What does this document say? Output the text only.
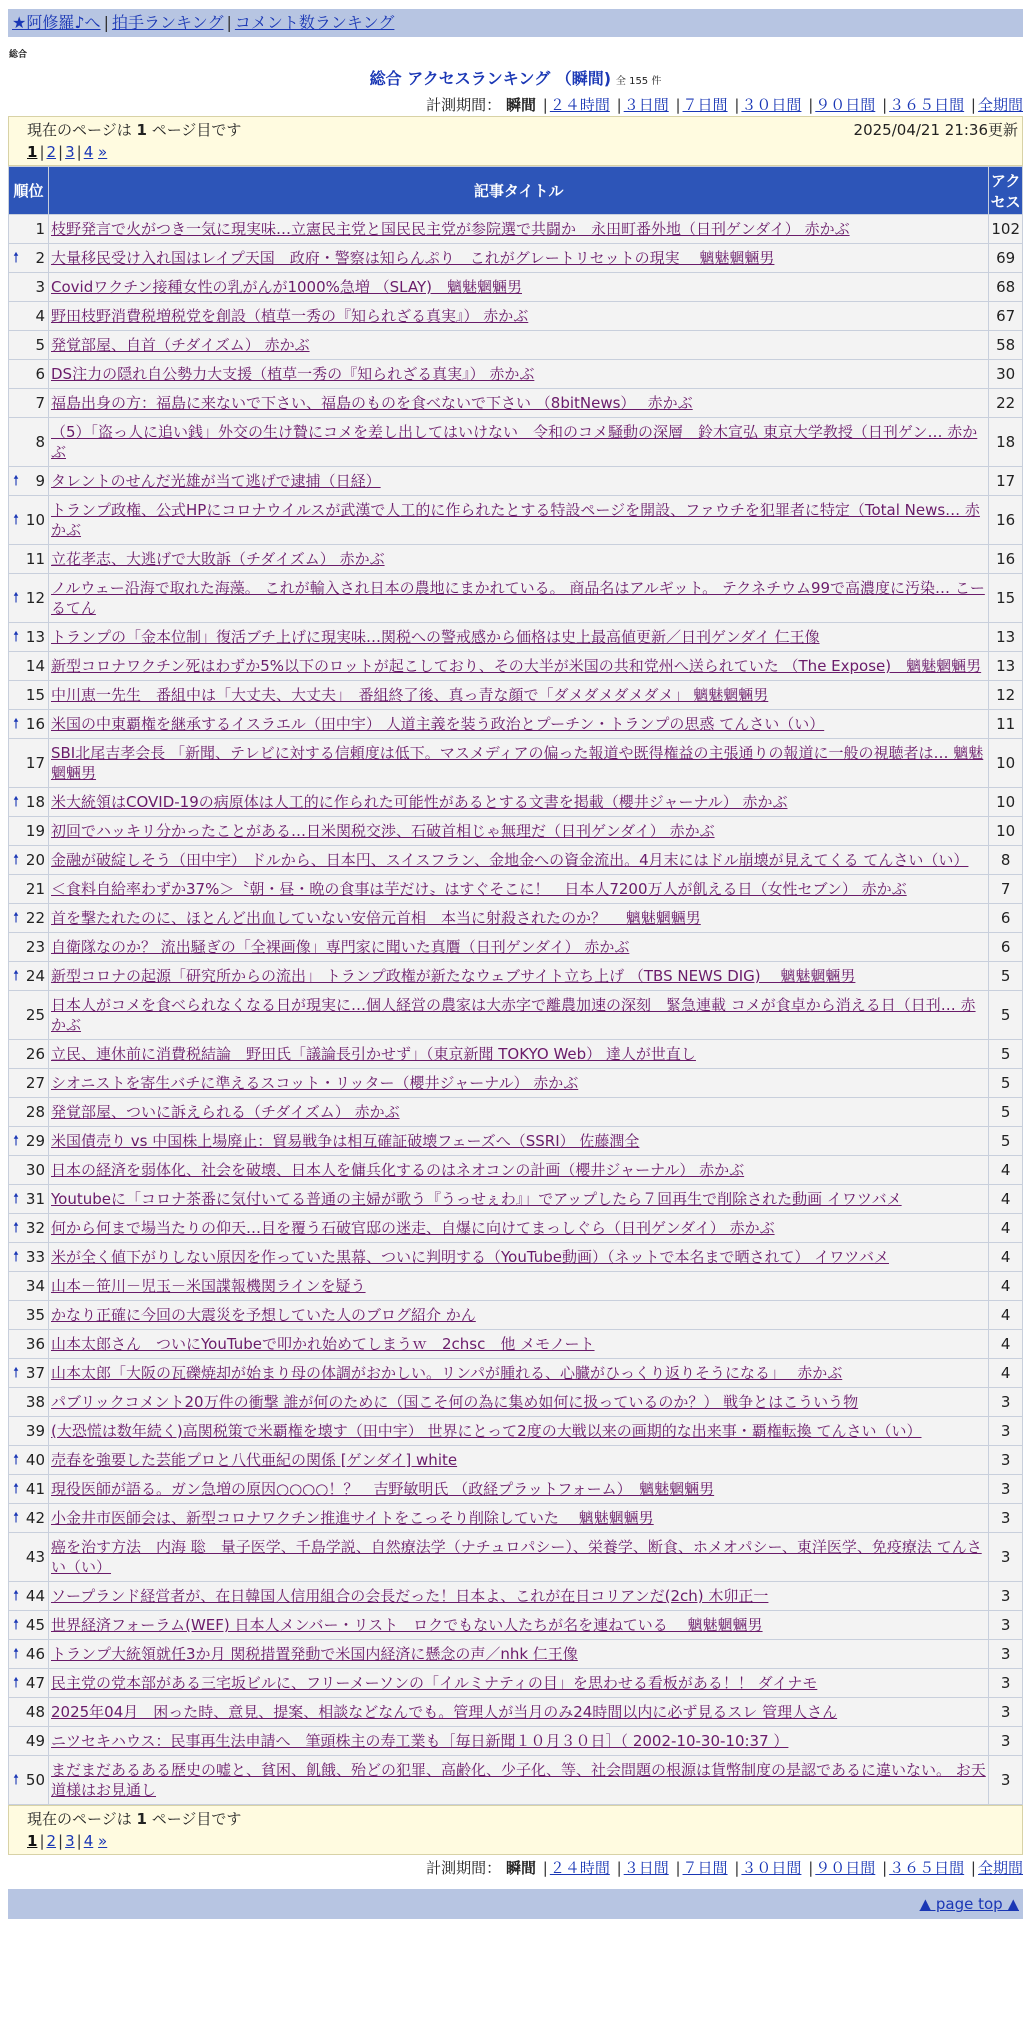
★阿修羅♪へ | 拍手ランキング | コメント数ランキング
総合
総合 アクセスランキング （瞬間) 全 155 件
計測期間： 瞬間 | ２４時間 | ３日間 | ７日間 | ３０日間 | ９０日間 | ３６５日間 | 全期間
現在のページは 1 ページ目です	2025/04/21 21:36更新
1 | 2 | 3 | 4 »
順位	記事タイトル	アクセス
1	枝野発言で火がつき一気に現実味…立憲民主党と国民民主党が参院選で共闘か　永田町番外地（日刊ゲンダイ） 赤かぶ	102

🠕 2	大量移民受け入れ国はレイプ天国　政府・警察は知らんぷり　これがグレートリセットの現実　 魑魅魍魎男	69
3	Covidワクチン接種女性の乳がんが1000%急増 （SLAY)　魑魅魍魎男	68
4	野田枝野消費税増税党を創設（植草一秀の『知られざる真実』） 赤かぶ	67
5	発覚部屋、自首（チダイズム） 赤かぶ	58
6	DS注力の隠れ自公勢力大支援（植草一秀の『知られざる真実』） 赤かぶ	30
7	福島出身の方：福島に来ないで下さい、福島のものを食べないで下さい （8bitNews）　 赤かぶ	22
8	（5）「盗っ人に追い銭」外交の生け贄にコメを差し出してはいけない　令和のコメ騒動の深層　鈴木宣弘 東京大学教授（日刊ゲン… 赤かぶ	18

🠕 9	タレントのせんだ光雄が当て逃げで逮捕（日経）	17

🠕 10	トランプ政権、公式HPにコロナウイルスが武漢で人工的に作られたとする特設ページを開設、ファウチを犯罪者に特定（Total News… 赤かぶ	16
11	立花孝志、大逃げで大敗訴（チダイズム） 赤かぶ	16

🠕 12	ノルウェー沿海で取れた海藻。 これが輸入され日本の農地にまかれている。 商品名はアルギット。 テクネチウム99で高濃度に汚染… こーるてん	15

🠕 13	トランプの「金本位制」復活ブチ上げに現実味…関税への警戒感から価格は史上最高値更新／日刊ゲンダイ 仁王像	13
14	新型コロナワクチン死はわずか5%以下のロットが起こしており、その大半が米国の共和党州へ送られていた （The Expose)　魑魅魍魎男	13
15	中川恵一先生　番組中は「大丈夫、大丈夫」　番組終了後、真っ青な顔で「ダメダメダメダメ」 魑魅魍魎男	12

🠕 16	米国の中東覇権を継承するイスラエル（田中宇） 人道主義を装う政治とプーチン・トランプの思惑 てんさい（い）	11
17	SBI北尾吉孝会長 「新聞、テレビに対する信頼度は低下。マスメディアの偏った報道や既得権益の主張通りの報道に一般の視聴者は… 魑魅魍魎男	10

🠕 18	米大統領はCOVID-19の病原体は人工的に作られた可能性があるとする文書を掲載（櫻井ジャーナル） 赤かぶ	10
19	初回でハッキリ分かったことがある…日米関税交渉、石破首相じゃ無理だ（日刊ゲンダイ） 赤かぶ	10

🠕 20	金融が破綻しそう（田中宇） ドルから、日本円、スイスフラン、金地金への資金流出。4月末にはドル崩壊が見えてくる てんさい（い）	8
21	＜食料自給率わずか37%＞〝朝・昼・晩の食事は芋だけ〟はすぐそこに！　日本人7200万人が飢える日（女性セブン） 赤かぶ	7

🠕 22	首を撃たれたのに、ほとんど出血していない安倍元首相　本当に射殺されたのか？　 魑魅魍魎男	6
23	自衛隊なのか？ 流出騒ぎの「全裸画像」専門家に聞いた真贋（日刊ゲンダイ） 赤かぶ	6

🠕 24	新型コロナの起源「研究所からの流出」 トランプ政権が新たなウェブサイト立ち上げ （TBS NEWS DIG)　 魑魅魍魎男	5
25	日本人がコメを食べられなくなる日が現実に…個人経営の農家は大赤字で離農加速の深刻　緊急連載 コメが食卓から消える日（日刊… 赤かぶ	5
26	立民、連休前に消費税結論　野田氏「議論長引かせず」（東京新聞 TOKYO Web） 達人が世直し	5
27	シオニストを寄生バチに準えるスコット・リッター（櫻井ジャーナル） 赤かぶ	5
28	発覚部屋、ついに訴えられる（チダイズム） 赤かぶ	5

🠕 29	米国債売り vs 中国株上場廃止：貿易戦争は相互確証破壊フェーズへ（SSRI） 佐藤潤全	5
30	日本の経済を弱体化、社会を破壊、日本人を傭兵化するのはネオコンの計画（櫻井ジャーナル） 赤かぶ	4

🠕 31	Youtubeに「コロナ茶番に気付いてる普通の主婦が歌う『うっせぇわ』」でアップしたら７回再生で削除された動画 イワツバメ	4

🠕 32	何から何まで場当たりの仰天…目を覆う石破官邸の迷走、自爆に向けてまっしぐら（日刊ゲンダイ） 赤かぶ	4

🠕 33	米が全く値下がりしない原因を作っていた黒幕、ついに判明する（YouTube動画）（ネットで本名まで晒されて） イワツバメ	4
34	山本－笹川－児玉－米国諜報機関ラインを疑う	4
35	かなり正確に今回の大震災を予想していた人のブログ紹介 かん	4
36	山本太郎さん　ついにYouTubeで叩かれ始めてしまうｗ　2chsc　他 メモノート	4

🠕 37	山本太郎「大阪の瓦礫焼却が始まり母の体調がおかしい。リンパが腫れる、心臓がひっくり返りそうになる」　 赤かぶ	4
38	パブリックコメント20万件の衝撃 誰が何のために（国こそ何の為に集め如何に扱っているのか？） 戦争とはこういう物	3
39	(大恐慌は数年続く)高関税策で米覇権を壊す（田中宇） 世界にとって2度の大戦以来の画期的な出来事・覇権転換 てんさい（い）	3

🠕 40	売春を強要した芸能プロと八代亜紀の関係 [ゲンダイ] white	3

🠕 41	現役医師が語る。ガン急増の原因○○○○！？　吉野敏明氏 （政経プラットフォーム）　魑魅魍魎男	3

🠕 42	小金井市医師会は、新型コロナワクチン推進サイトをこっそり削除していた　 魑魅魍魎男	3
43	癌を治す方法　内海 聡　量子医学、千島学説、自然療法学（ナチュロパシー）、栄養学、断食、ホメオパシー、東洋医学、免疫療法 てんさい（い）	3

🠕 44	ソープランド経営者が、在日韓国人信用組合の会長だった！日本よ、これが在日コリアンだ(2ch) 木卯正一	3

🠕 45	世界経済フォーラム(WEF) 日本人メンバー・リスト　ロクでもない人たちが名を連ねている　 魑魅魍魎男	3

🠕 46	トランプ大統領就任3か月 関税措置発動で米国内経済に懸念の声／nhk 仁王像	3

🠕 47	民主党の党本部がある三宅坂ビルに、フリーメーソンの「イルミナティの目」を思わせる看板がある！！ ダイナモ	3
48	2025年04月　困った時、意見、提案、相談などなんでも。管理人が当月のみ24時間以内に必ず見るスレ 管理人さん	3
49	ニツセキハウス：民事再生法申請へ　筆頭株主の寿工業も［毎日新聞１０月３０日］（ 2002-10-30-10:37 ）	3

🠕 50	まだまだあるある歴史の嘘と、貧困、飢餓、殆どの犯罪、高齢化、少子化、等、社会問題の根源は貨幣制度の是認であるに違いない。 お天道様はお見通し	3
現在のページは 1 ページ目です
1 | 2 | 3 | 4 »
計測期間： 瞬間 | ２４時間 | ３日間 | ７日間 | ３０日間 | ９０日間 | ３６５日間 | 全期間
▲ page top ▲
